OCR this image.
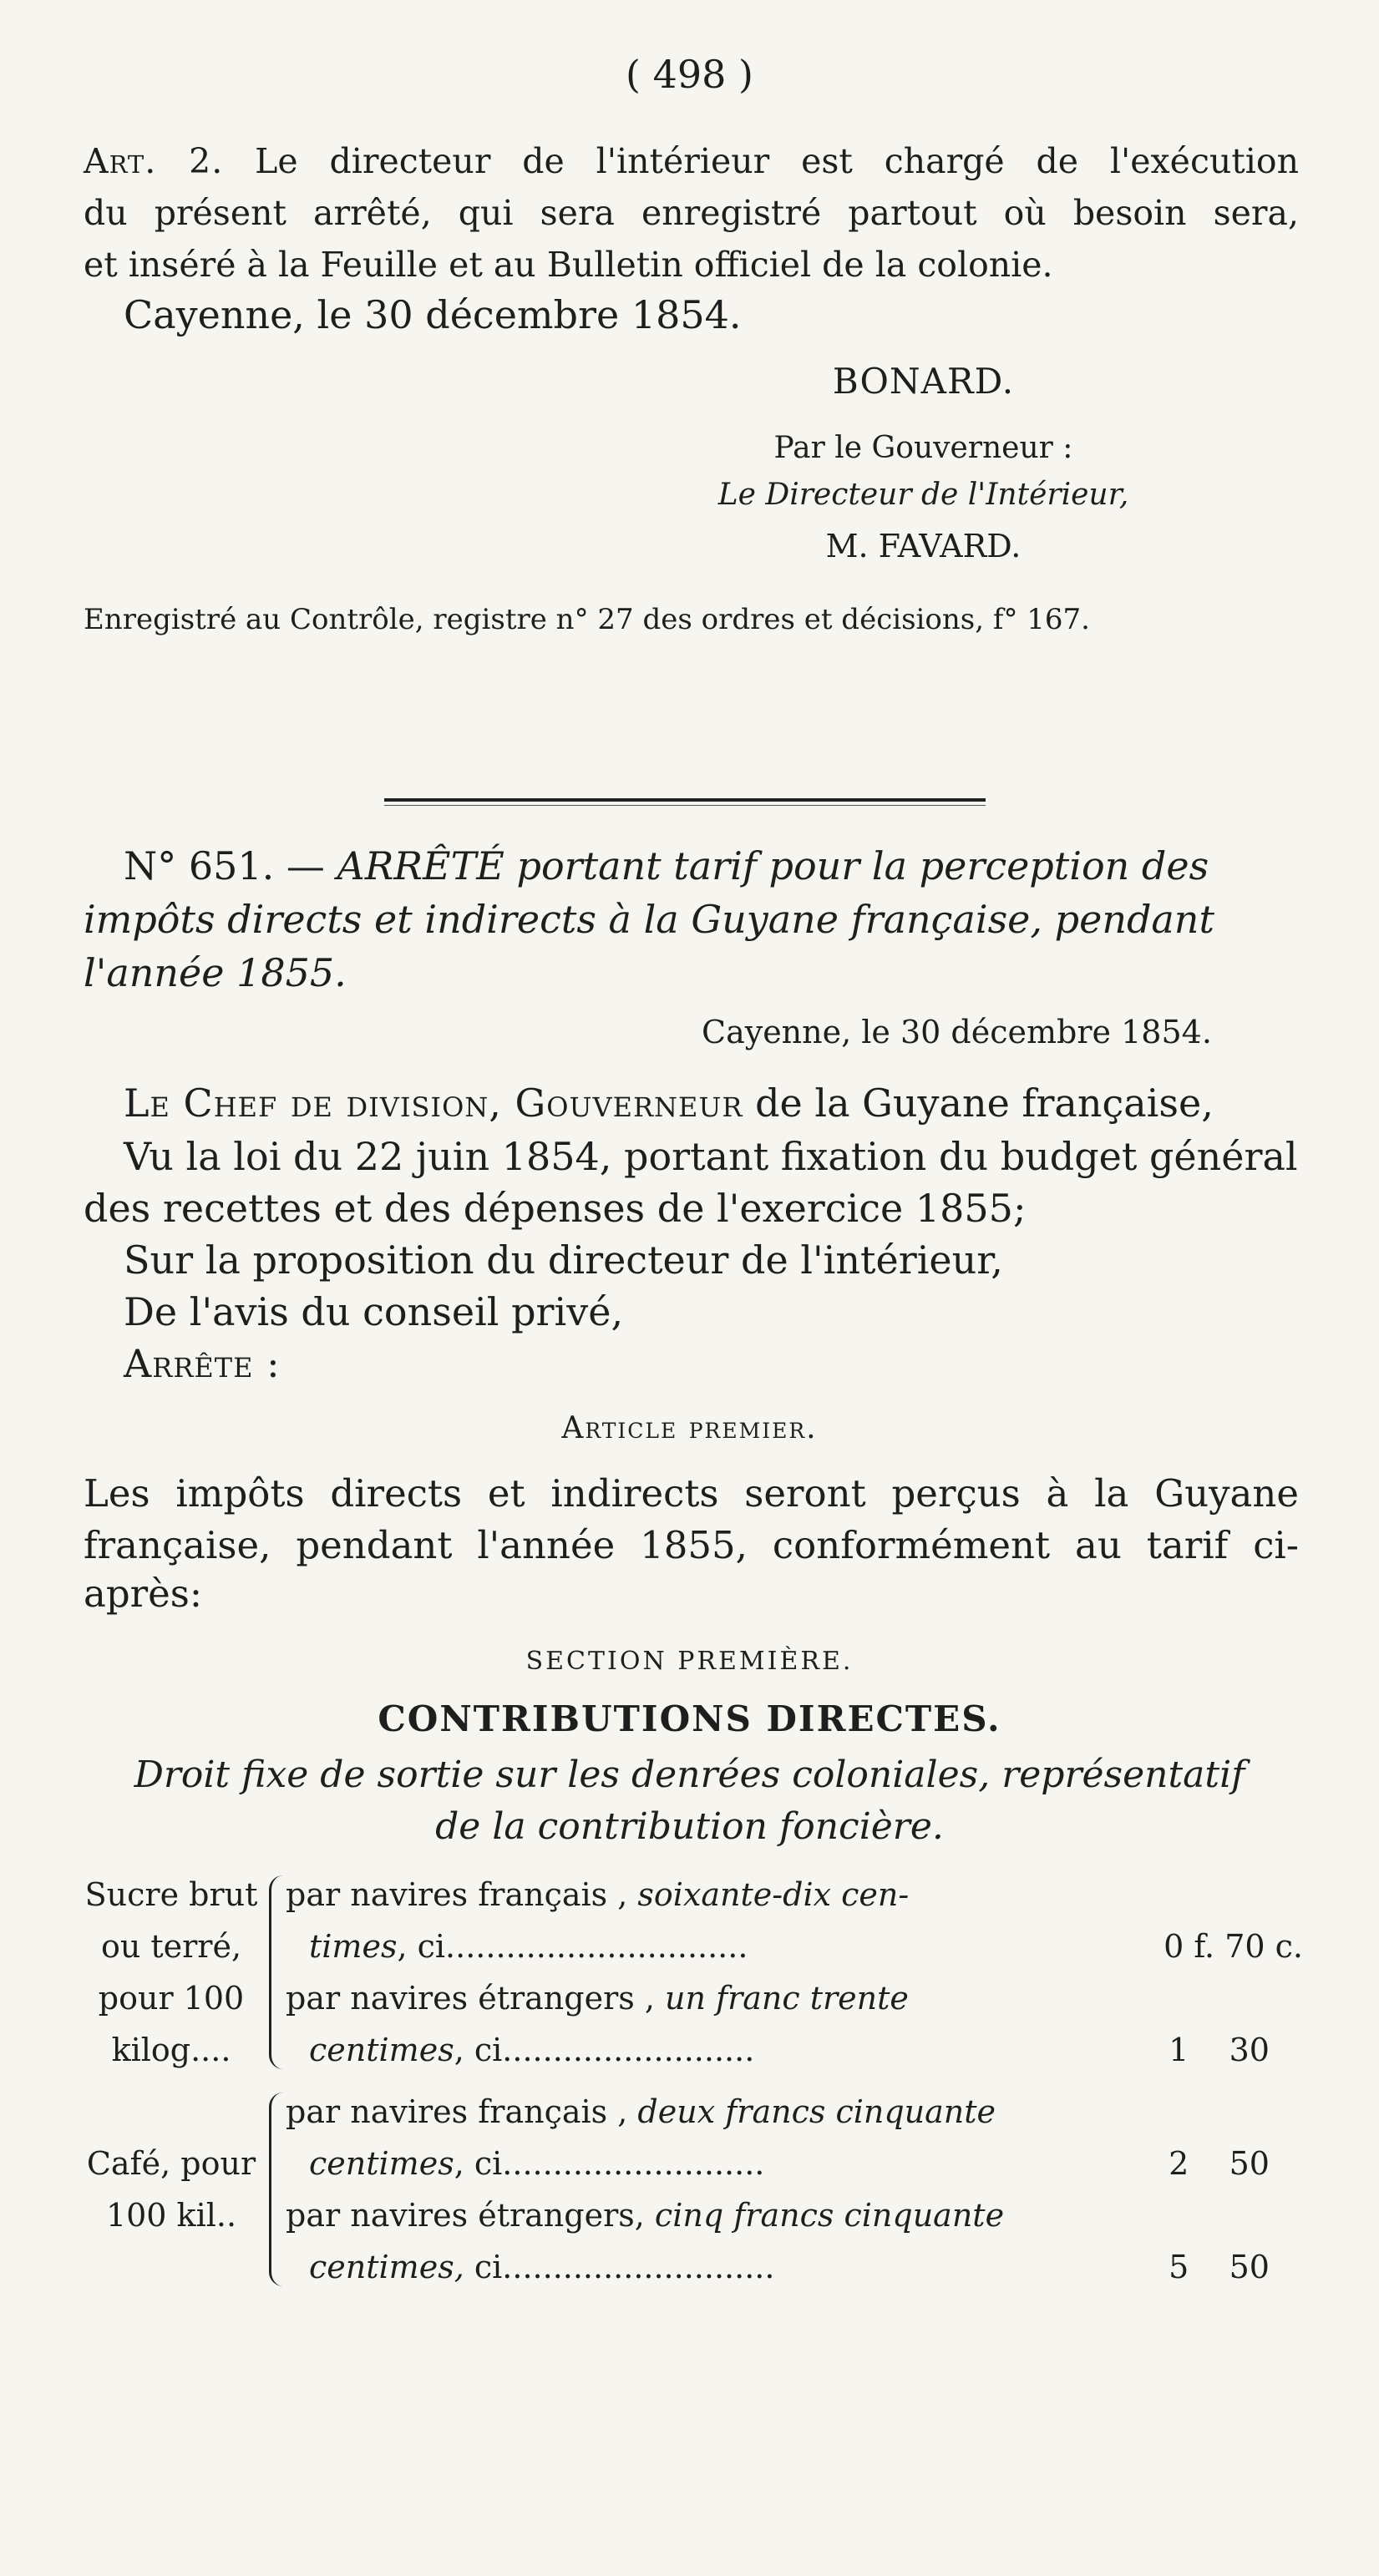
( 498 )
Art. 2. Le directeur de l'intérieur est chargé de l'exécution
du présent arrêté, qui sera enregistré partout où besoin sera,
et inséré à la Feuille et au Bulletin officiel de la colonie.
Cayenne, le 30 décembre 1854.
BONARD.
Par le Gouverneur :
Le Directeur de l'Intérieur,
M. FAVARD.
Enregistré au Contrôle, registre n° 27 des ordres et décisions, f° 167.
N° 651. — ARRÊTÉ portant tarif pour la perception des
impôts directs et indirects à la Guyane française, pendant
l'année 1855.
Cayenne, le 30 décembre 1854.
Le Chef de division, Gouverneur de la Guyane française,
Vu la loi du 22 juin 1854, portant fixation du budget général
des recettes et des dépenses de l'exercice 1855;
Sur la proposition du directeur de l'intérieur,
De l'avis du conseil privé,
Arrête :
Article premier.
Les impôts directs et indirects seront perçus à la Guyane
française, pendant l'année 1855, conformément au tarif ci-
après:
SECTION PREMIÈRE.
CONTRIBUTIONS DIRECTES.
Droit fixe de sortie sur les denrées coloniales, représentatif
de la contribution foncière.
Sucre brut
ou terré,
pour 100
kilog....
par navires français , soixante-dix cen-
times, ci..............................	0 f. 70 c.
par navires étrangers , un franc trente
centimes, ci.........................	1    30
Café, pour
100 kil..
par navires français , deux francs cinquante
centimes, ci..........................	2    50
par navires étrangers, cinq francs cinquante
centimes, ci...........................	5    50
